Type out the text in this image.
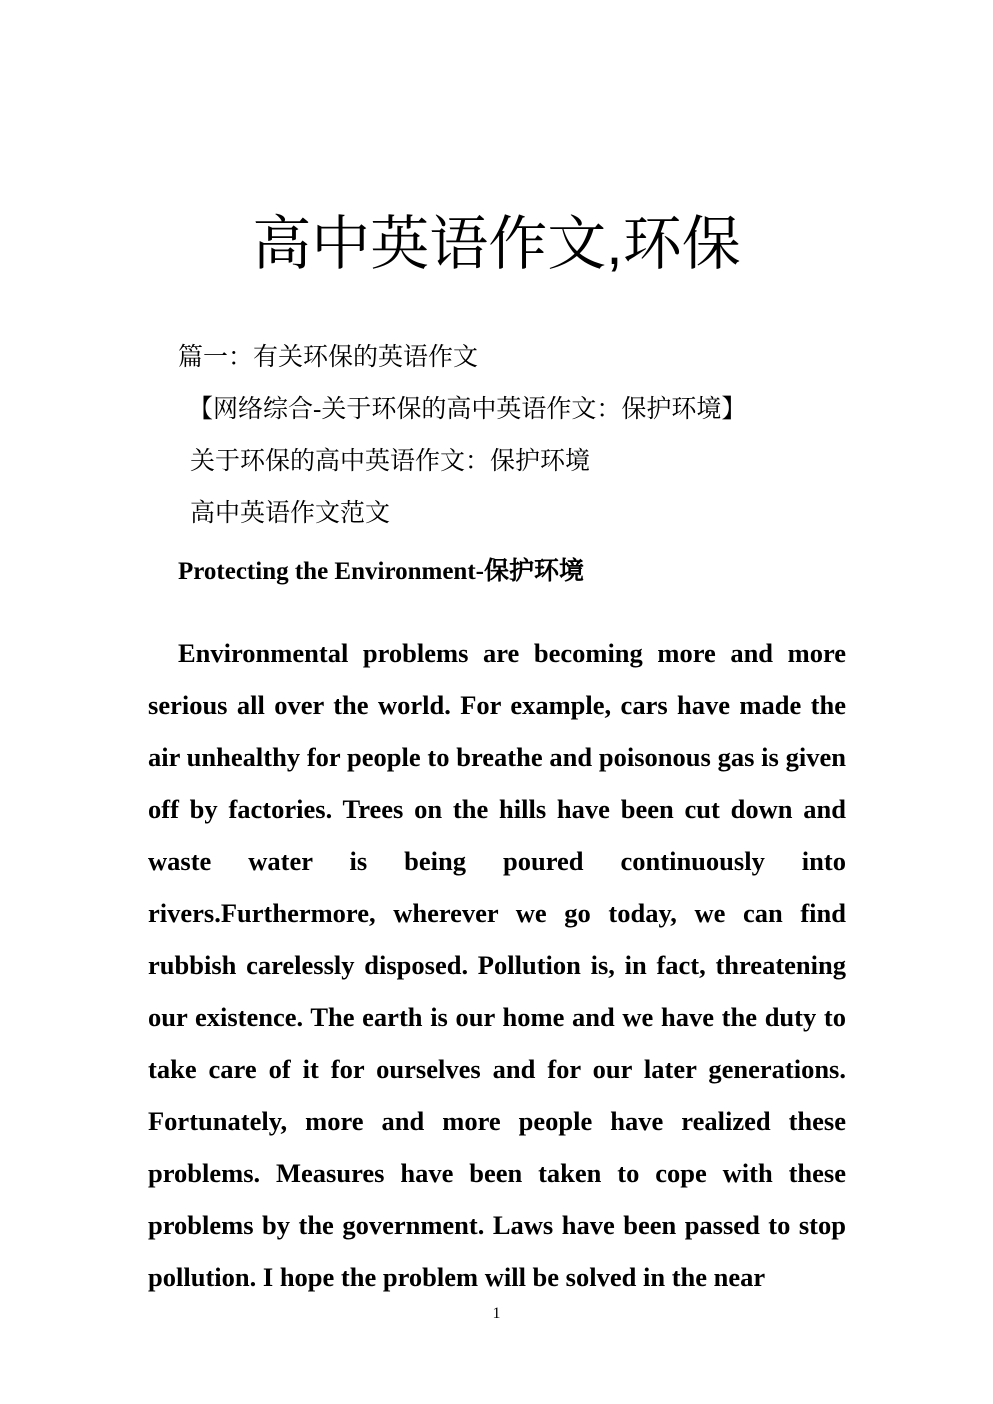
高中英语作文,环保
篇一：有关环保的英语作文
【网络综合-关于环保的高中英语作文：保护环境】
关于环保的高中英语作文：保护环境
高中英语作文范文
Protecting the Environment-保护环境

Environmental problems are becoming more and more serious all over the world. For example, cars have made the air unhealthy for people to breathe and poisonous gas is given off by factories. Trees on the hills have been cut down and waste water is being poured continuously into rivers.Furthermore, wherever we go today, we can find rubbish carelessly disposed. Pollution is, in fact, threatening our existence. The earth is our home and we have the duty to take care of it for ourselves and for our later generations. Fortunately, more and more people have realized these problems. Measures have been taken to cope with these problems by the government. Laws have been passed to stop pollution. I hope the problem will be solved in the near

1
